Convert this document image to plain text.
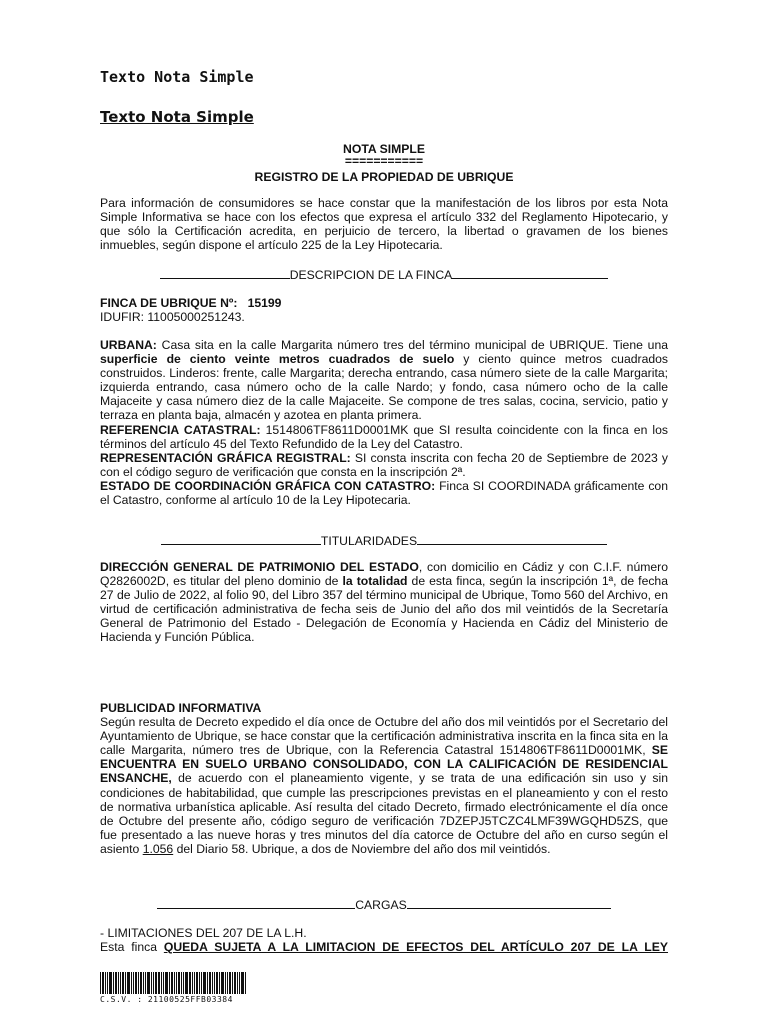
Texto Nota Simple
Texto Nota Simple

NOTA SIMPLE

===========

REGISTRO DE LA PROPIEDAD DE UBRIQUE

Para información de consumidores se hace constar que la manifestación de los libros por esta Nota Simple Informativa se hace con los efectos que expresa el artículo 332 del Reglamento Hipotecario, y que sólo la Certificación acredita, en perjuicio de tercero, la libertad o gravamen de los bienes inmuebles, según dispone el artículo 225 de la Ley Hipotecaria.

DESCRIPCION DE LA FINCA

FINCA DE UBRIQUE Nº: 15199

IDUFIR: 11005000251243.

URBANA: Casa sita en la calle Margarita número tres del término municipal de UBRIQUE. Tiene una superficie de ciento veinte metros cuadrados de suelo y ciento quince metros cuadrados construidos. Linderos: frente, calle Margarita; derecha entrando, casa número siete de la calle Margarita; izquierda entrando, casa número ocho de la calle Nardo; y fondo, casa número ocho de la calle Majaceite y casa número diez de la calle Majaceite. Se compone de tres salas, cocina, servicio, patio y terraza en planta baja, almacén y azotea en planta primera.

REFERENCIA CATASTRAL: 1514806TF8611D0001MK que SI resulta coincidente con la finca en los términos del artículo 45 del Texto Refundido de la Ley del Catastro.

REPRESENTACIÓN GRÁFICA REGISTRAL: SI consta inscrita con fecha 20 de Septiembre de 2023 y con el código seguro de verificación que consta en la inscripción 2ª.

ESTADO DE COORDINACIÓN GRÁFICA CON CATASTRO: Finca SI COORDINADA gráficamente con el Catastro, conforme al artículo 10 de la Ley Hipotecaria.

TITULARIDADES

DIRECCIÓN GENERAL DE PATRIMONIO DEL ESTADO, con domicilio en Cádiz y con C.I.F. número Q2826002D, es titular del pleno dominio de la totalidad de esta finca, según la inscripción 1ª, de fecha 27 de Julio de 2022, al folio 90, del Libro 357 del término municipal de Ubrique, Tomo 560 del Archivo, en virtud de certificación administrativa de fecha seis de Junio del año dos mil veintidós de la Secretaría General de Patrimonio del Estado - Delegación de Economía y Hacienda en Cádiz del Ministerio de Hacienda y Función Pública.

PUBLICIDAD INFORMATIVA

Según resulta de Decreto expedido el día once de Octubre del año dos mil veintidós por el Secretario del Ayuntamiento de Ubrique, se hace constar que la certificación administrativa inscrita en la finca sita en la calle Margarita, número tres de Ubrique, con la Referencia Catastral 1514806TF8611D0001MK, SE ENCUENTRA EN SUELO URBANO CONSOLIDADO, CON LA CALIFICACIÓN DE RESIDENCIAL ENSANCHE, de acuerdo con el planeamiento vigente, y se trata de una edificación sin uso y sin condiciones de habitabilidad, que cumple las prescripciones previstas en el planeamiento y con el resto de normativa urbanística aplicable. Así resulta del citado Decreto, firmado electrónicamente el día once de Octubre del presente año, código seguro de verificación 7DZEPJ5TCZC4LMF39WGQHD5ZS, que fue presentado a las nueve horas y tres minutos del día catorce de Octubre del año en curso según el asiento 1.056 del Diario 58. Ubrique, a dos de Noviembre del año dos mil veintidós.

CARGAS

- LIMITACIONES DEL 207 DE LA L.H.

Esta finca QUEDA SUJETA A LA LIMITACION DE EFECTOS DEL ARTÍCULO 207 DE LA LEY

C.S.V. : 21100525FFB03384
